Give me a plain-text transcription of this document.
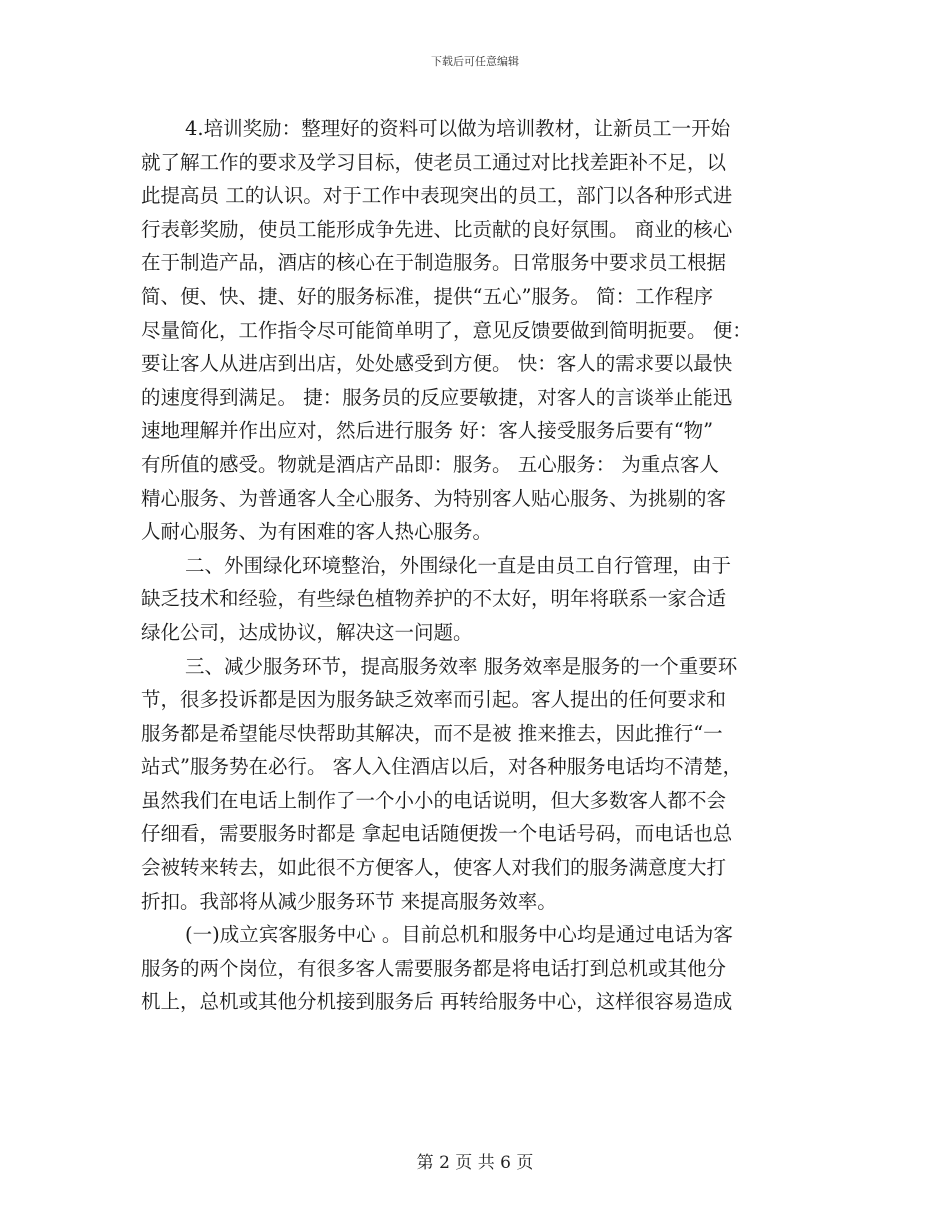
下载后可任意编辑
4.培训奖励：整理好的资料可以做为培训教材，让新员工一开始
就了解工作的要求及学习目标，使老员工通过对比找差距补不足，以
此提高员 工的认识。对于工作中表现突出的员工，部门以各种形式进
行表彰奖励，使员工能形成争先进、比贡献的良好氛围。 商业的核心
在于制造产品，酒店的核心在于制造服务。日常服务中要求员工根据
简、便、快、捷、好的服务标准，提供“五心”服务。 简：工作程序
尽量简化，工作指令尽可能简单明了，意见反馈要做到简明扼要。 便：
要让客人从进店到出店，处处感受到方便。 快：客人的需求要以最快
的速度得到满足。 捷：服务员的反应要敏捷，对客人的言谈举止能迅
速地理解并作出应对，然后进行服务 好：客人接受服务后要有“物”
有所值的感受。物就是酒店产品即：服务。 五心服务： 为重点客人
精心服务、为普通客人全心服务、为特别客人贴心服务、为挑剔的客
人耐心服务、为有困难的客人热心服务。
二、外围绿化环境整治，外围绿化一直是由员工自行管理，由于
缺乏技术和经验，有些绿色植物养护的不太好，明年将联系一家合适
绿化公司，达成协议，解决这一问题。
三、减少服务环节，提高服务效率 服务效率是服务的一个重要环
节，很多投诉都是因为服务缺乏效率而引起。客人提出的任何要求和
服务都是希望能尽快帮助其解决，而不是被 推来推去，因此推行“一
站式”服务势在必行。 客人入住酒店以后，对各种服务电话均不清楚，
虽然我们在电话上制作了一个小小的电话说明，但大多数客人都不会
仔细看，需要服务时都是 拿起电话随便拨一个电话号码，而电话也总
会被转来转去，如此很不方便客人，使客人对我们的服务满意度大打
折扣。我部将从减少服务环节 来提高服务效率。
(一)成立宾客服务中心 。目前总机和服务中心均是通过电话为客
服务的两个岗位，有很多客人需要服务都是将电话打到总机或其他分
机上，总机或其他分机接到服务后 再转给服务中心，这样很容易造成
第 2 页 共 6 页
